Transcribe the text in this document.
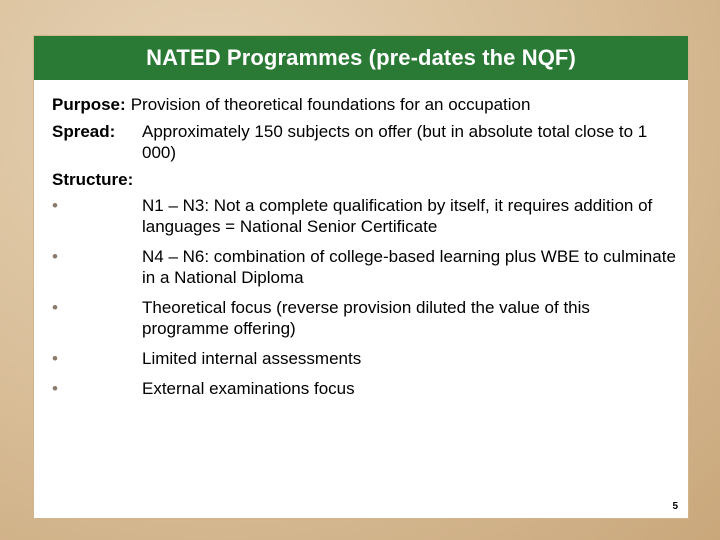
NATED Programmes (pre-dates the NQF)
Purpose: Provision of theoretical foundations for an occupation
Spread:	Approximately 150 subjects on offer (but in absolute total close to 1 000)
Structure:
•	N1 – N3: Not a complete qualification by itself, it requires addition of languages = National Senior Certificate
•	N4 – N6: combination of college-based learning plus WBE to culminate in a National Diploma
•	Theoretical focus (reverse provision diluted the value of this programme offering)
•	Limited internal assessments
•	External examinations focus
5
